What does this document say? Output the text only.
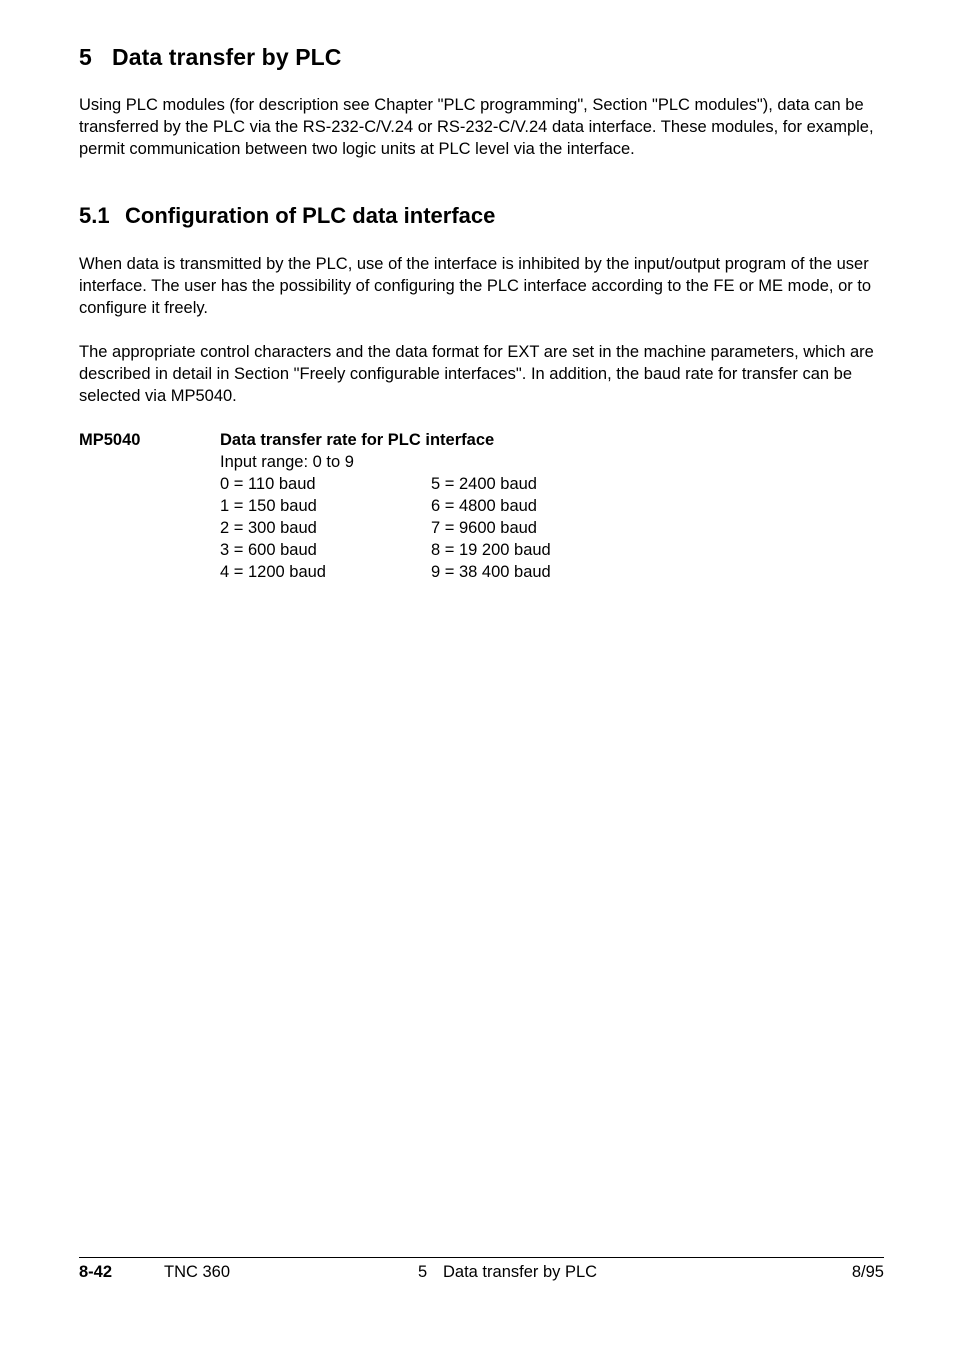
5 Data transfer by PLC

Using PLC modules (for description see Chapter "PLC programming", Section "PLC modules"), data can be transferred by the PLC via the RS-232-C/V.24 or RS-232-C/V.24 data interface. These modules, for example, permit communication between two logic units at PLC level via the interface.

5.1 Configuration of PLC data interface

When data is transmitted by the PLC, use of the interface is inhibited by the input/output program of the user interface. The user has the possibility of configuring the PLC interface according to the FE or ME mode, or to configure it freely.

The appropriate control characters and the data format for EXT are set in the machine parameters, which are described in detail in Section "Freely configurable interfaces". In addition, the baud rate for transfer can be selected via MP5040.

MP5040	Data transfer rate for PLC interface
Input range: 0 to 9
0 = 110 baud	5 = 2400 baud
1 = 150 baud	6 = 4800 baud
2 = 300 baud	7 = 9600 baud
3 = 600 baud	8 = 19 200 baud
4 = 1200 baud	9 = 38 400 baud
8-42	TNC 360	5 Data transfer by PLC	8/95
